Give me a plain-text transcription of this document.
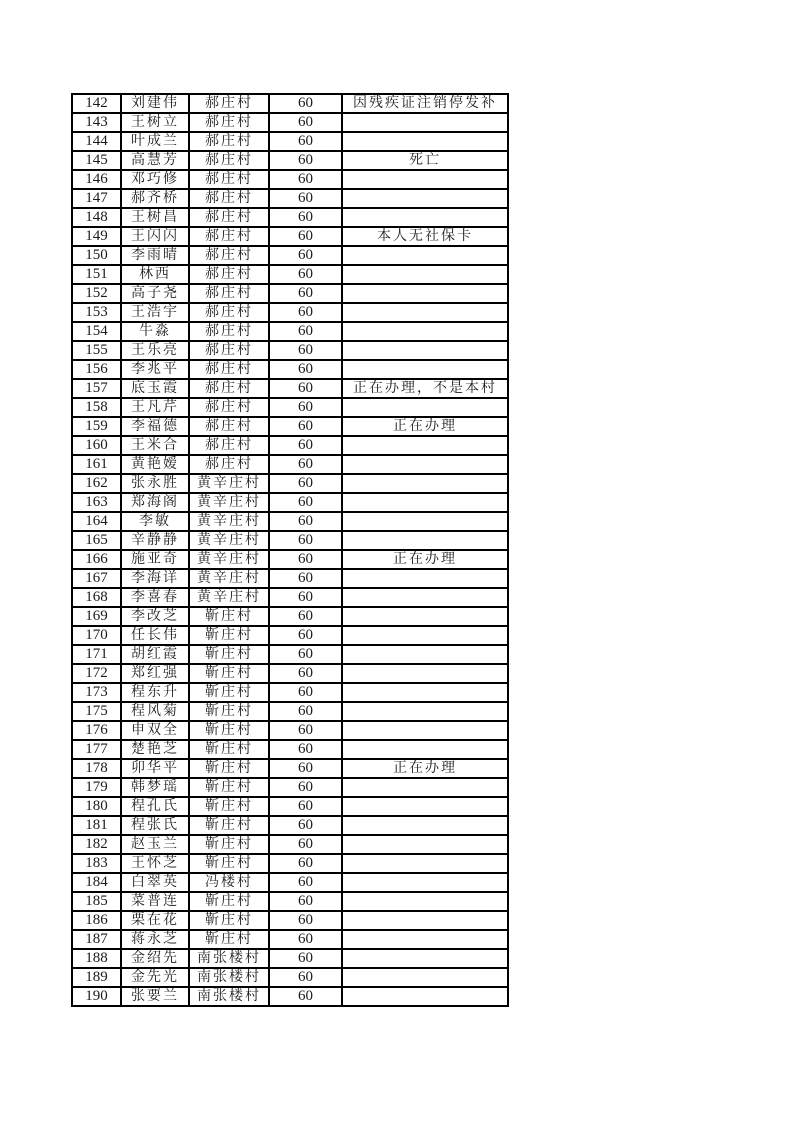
142	刘建伟	郝庄村	60	因残疾证注销停发补
143	王树立	郝庄村	60	
144	叶成兰	郝庄村	60	
145	高慧芳	郝庄村	60	死亡
146	邓巧修	郝庄村	60	
147	郝齐桥	郝庄村	60	
148	王树昌	郝庄村	60	
149	王闪闪	郝庄村	60	本人无社保卡
150	李雨晴	郝庄村	60	
151	林西	郝庄村	60	
152	高子尧	郝庄村	60	
153	王浩宇	郝庄村	60	
154	牛淼	郝庄村	60	
155	王乐亮	郝庄村	60	
156	李兆平	郝庄村	60	
157	底玉霞	郝庄村	60	正在办理，不是本村
158	王凡芹	郝庄村	60	
159	李福德	郝庄村	60	正在办理
160	王米合	郝庄村	60	
161	黄艳嫒	郝庄村	60	
162	张永胜	黄辛庄村	60	
163	郑海阁	黄辛庄村	60	
164	李敏	黄辛庄村	60	
165	辛静静	黄辛庄村	60	
166	施亚奇	黄辛庄村	60	正在办理
167	李海详	黄辛庄村	60	
168	李喜春	黄辛庄村	60	
169	李改芝	靳庄村	60	
170	任长伟	靳庄村	60	
171	胡红霞	靳庄村	60	
172	郑红强	靳庄村	60	
173	程东升	靳庄村	60	
175	程风菊	靳庄村	60	
176	申双全	靳庄村	60	
177	楚艳芝	靳庄村	60	
178	卯华平	靳庄村	60	正在办理
179	韩梦瑶	靳庄村	60	
180	程孔氏	靳庄村	60	
181	程张氏	靳庄村	60	
182	赵玉兰	靳庄村	60	
183	王怀芝	靳庄村	60	
184	白翠英	冯楼村	60	
185	菜普连	靳庄村	60	
186	栗在花	靳庄村	60	
187	蒋永芝	靳庄村	60	
188	金绍先	南张楼村	60	
189	金先光	南张楼村	60	
190	张要兰	南张楼村	60	
